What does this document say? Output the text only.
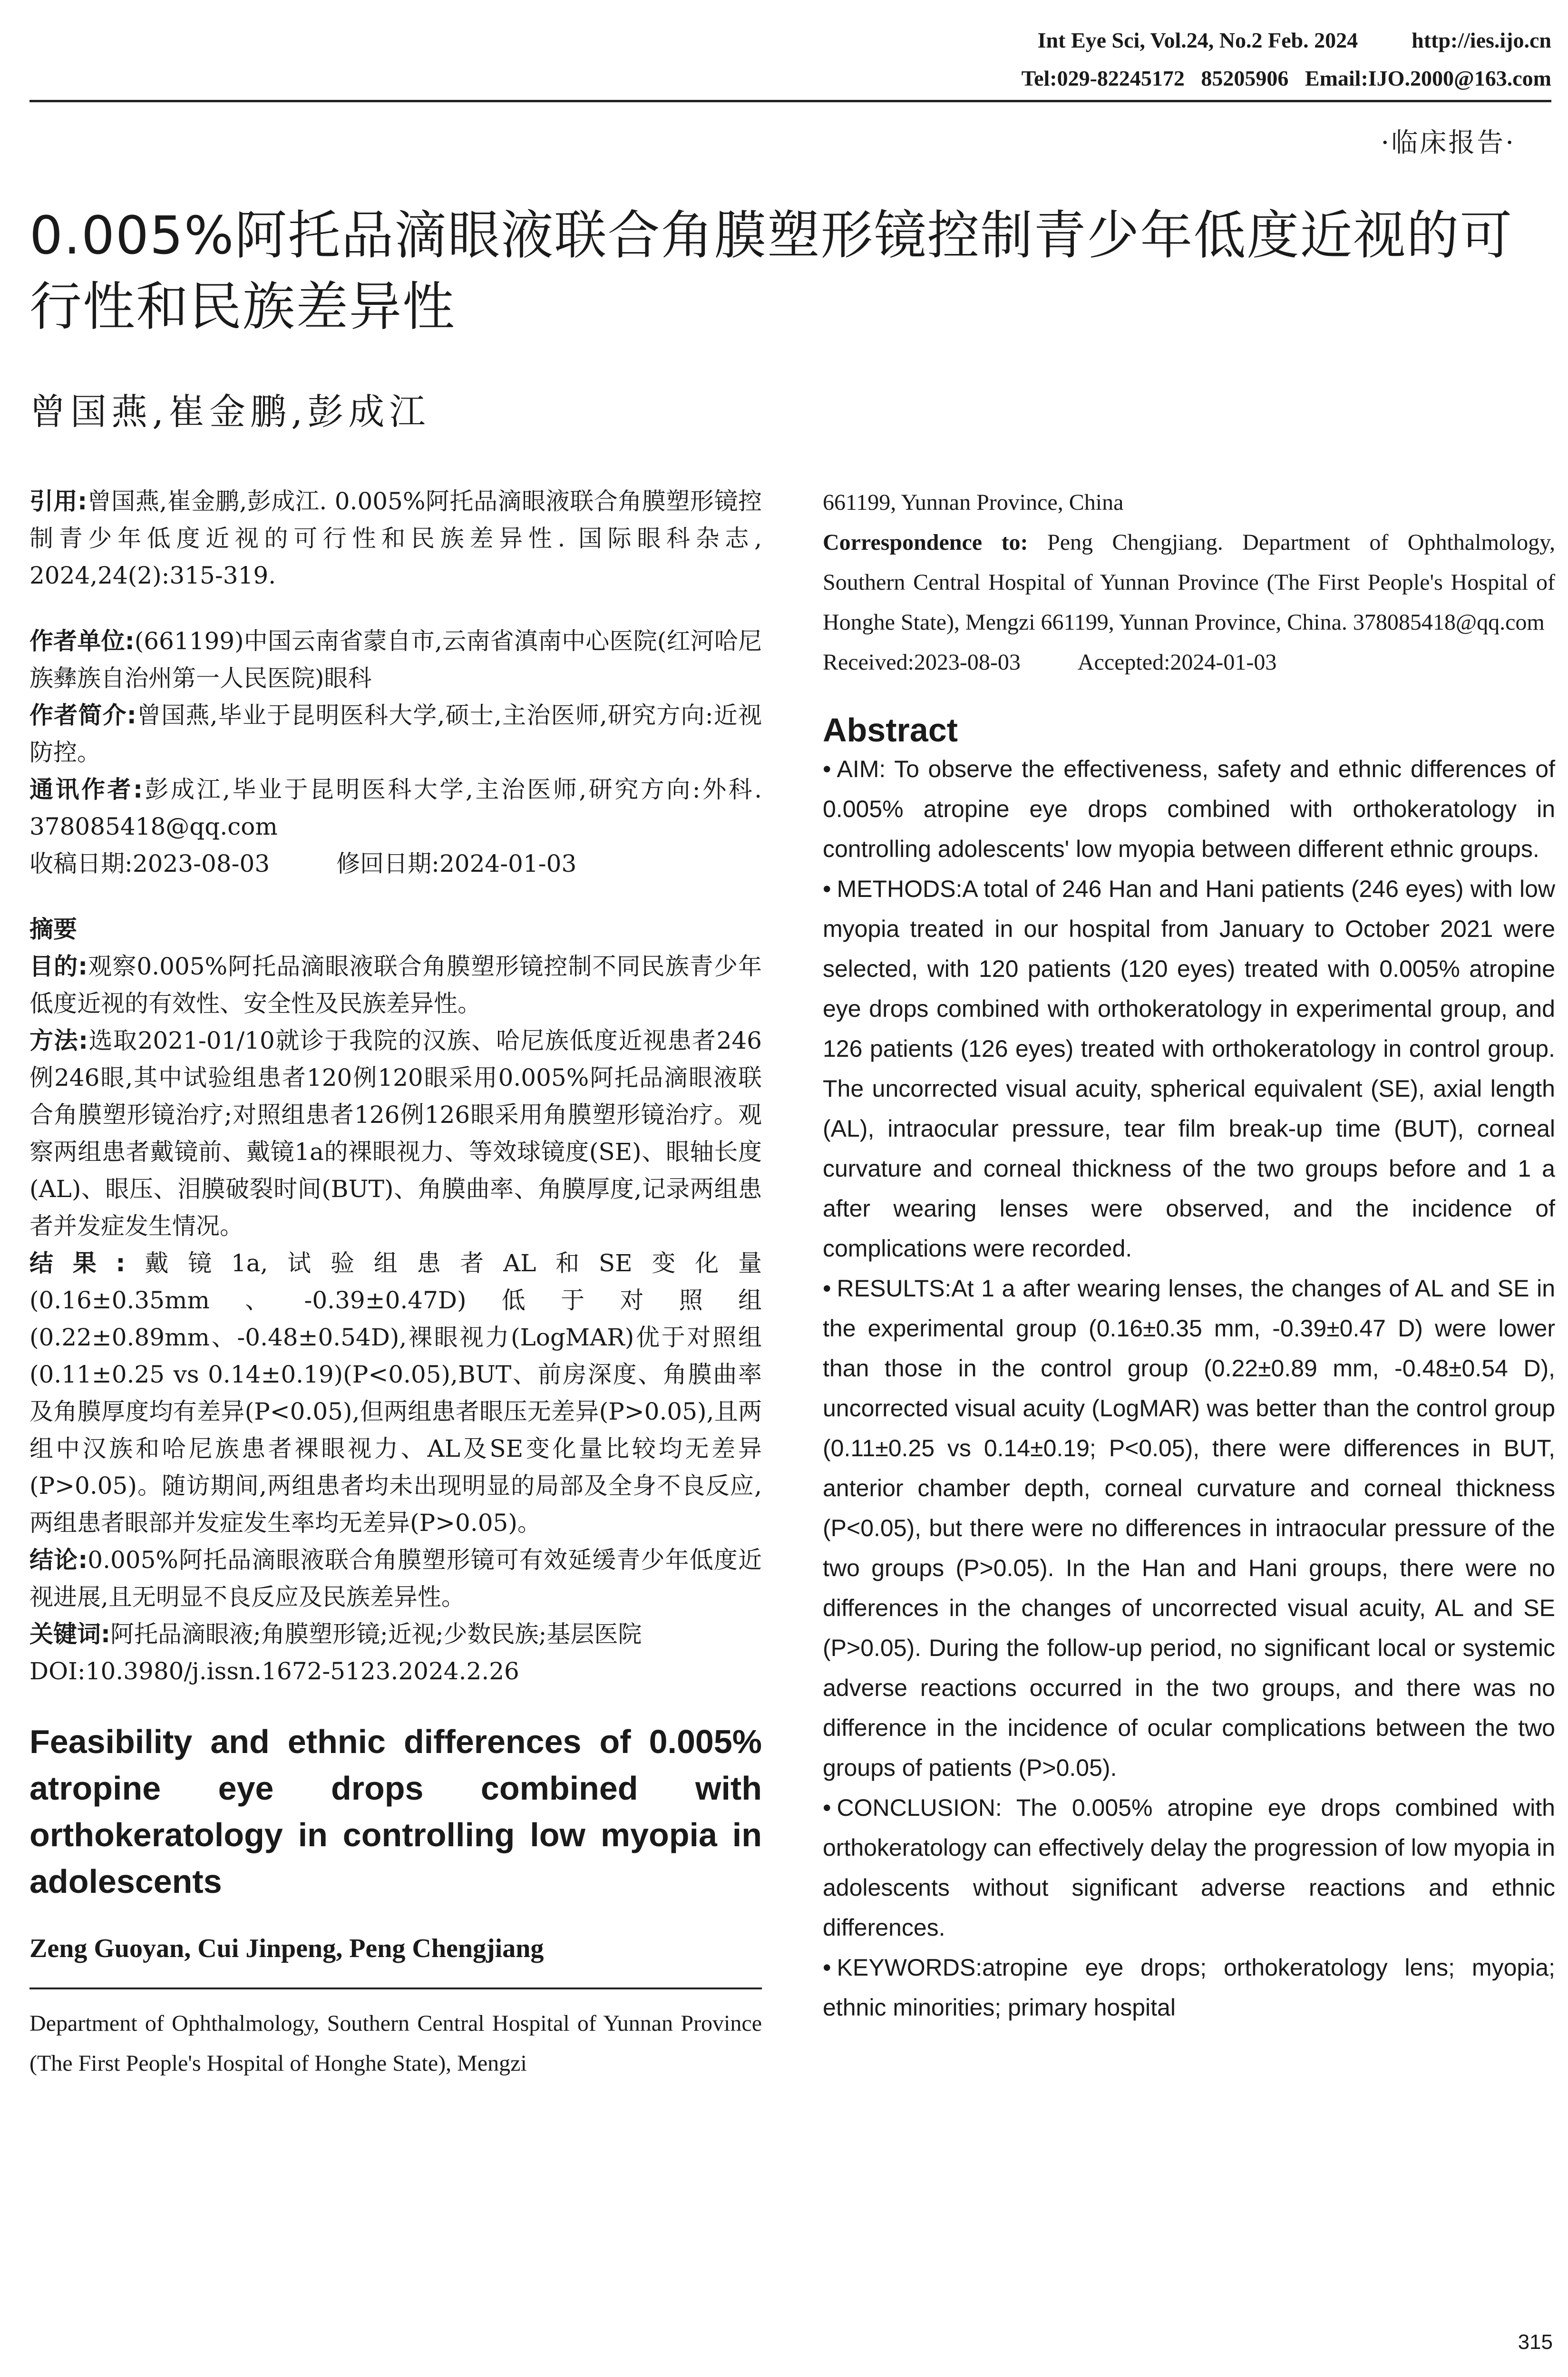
Int Eye Sci, Vol.24, No.2 Feb. 2024 http://ies.ijo.cn
Tel:029-82245172   85205906   Email:IJO.2000@163.com
·临床报告·
0.005%阿托品滴眼液联合角膜塑形镜控制青少年低度近视的可行性和民族差异性
曾国燕,崔金鹏,彭成江

引用:曾国燕,崔金鹏,彭成江. 0.005%阿托品滴眼液联合角膜塑形镜控制青少年低度近视的可行性和民族差异性. 国际眼科杂志, 2024,24(2):315-319.

作者单位:(661199)中国云南省蒙自市,云南省滇南中心医院(红河哈尼族彝族自治州第一人民医院)眼科

作者简介:曾国燕,毕业于昆明医科大学,硕士,主治医师,研究方向:近视防控。

通讯作者:彭成江,毕业于昆明医科大学,主治医师,研究方向:外科. 378085418@qq.com

收稿日期:2023-08-03	修回日期:2024-01-03

摘要

目的:观察0.005%阿托品滴眼液联合角膜塑形镜控制不同民族青少年低度近视的有效性、安全性及民族差异性。

方法:选取2021-01/10就诊于我院的汉族、哈尼族低度近视患者246例246眼,其中试验组患者120例120眼采用0.005%阿托品滴眼液联合角膜塑形镜治疗;对照组患者126例126眼采用角膜塑形镜治疗。观察两组患者戴镜前、戴镜1a的裸眼视力、等效球镜度(SE)、眼轴长度(AL)、眼压、泪膜破裂时间(BUT)、角膜曲率、角膜厚度,记录两组患者并发症发生情况。

结果:戴镜1a,试验组患者AL和SE变化量(0.16±0.35mm、-0.39±0.47D)低于对照组(0.22±0.89mm、-0.48±0.54D),裸眼视力(LogMAR)优于对照组(0.11±0.25 vs 0.14±0.19)(P<0.05),BUT、前房深度、角膜曲率及角膜厚度均有差异(P<0.05),但两组患者眼压无差异(P>0.05),且两组中汉族和哈尼族患者裸眼视力、AL及SE变化量比较均无差异(P>0.05)。随访期间,两组患者均未出现明显的局部及全身不良反应,两组患者眼部并发症发生率均无差异(P>0.05)。

结论:0.005%阿托品滴眼液联合角膜塑形镜可有效延缓青少年低度近视进展,且无明显不良反应及民族差异性。

关键词:阿托品滴眼液;角膜塑形镜;近视;少数民族;基层医院

DOI:10.3980/j.issn.1672-5123.2024.2.26

Feasibility and ethnic differences of 0.005% atropine eye drops combined with orthokeratology in controlling low myopia in adolescents

Zeng Guoyan, Cui Jinpeng, Peng Chengjiang

Department of Ophthalmology, Southern Central Hospital of Yunnan Province (The First People's Hospital of Honghe State), Mengzi

661199, Yunnan Province, China

Correspondence to: Peng Chengjiang. Department of Ophthalmology, Southern Central Hospital of Yunnan Province (The First People's Hospital of Honghe State), Mengzi 661199, Yunnan Province, China. 378085418@qq.com

Received:2023-08-03	Accepted:2024-01-03

Abstract

• AIM: To observe the effectiveness, safety and ethnic differences of 0.005% atropine eye drops combined with orthokeratology in controlling adolescents' low myopia between different ethnic groups.

• METHODS:A total of 246 Han and Hani patients (246 eyes) with low myopia treated in our hospital from January to October 2021 were selected, with 120 patients (120 eyes) treated with 0.005% atropine eye drops combined with orthokeratology in experimental group, and 126 patients (126 eyes) treated with orthokeratology in control group. The uncorrected visual acuity, spherical equivalent (SE), axial length (AL), intraocular pressure, tear film break-up time (BUT), corneal curvature and corneal thickness of the two groups before and 1 a after wearing lenses were observed, and the incidence of complications were recorded.

• RESULTS:At 1 a after wearing lenses, the changes of AL and SE in the experimental group (0.16±0.35 mm, -0.39±0.47 D) were lower than those in the control group (0.22±0.89 mm, -0.48±0.54 D), uncorrected visual acuity (LogMAR) was better than the control group (0.11±0.25 vs 0.14±0.19; P<0.05), there were differences in BUT, anterior chamber depth, corneal curvature and corneal thickness (P<0.05), but there were no differences in intraocular pressure of the two groups (P>0.05). In the Han and Hani groups, there were no differences in the changes of uncorrected visual acuity, AL and SE (P>0.05). During the follow-up period, no significant local or systemic adverse reactions occurred in the two groups, and there was no difference in the incidence of ocular complications between the two groups of patients (P>0.05).

• CONCLUSION: The 0.005% atropine eye drops combined with orthokeratology can effectively delay the progression of low myopia in adolescents without significant adverse reactions and ethnic differences.

• KEYWORDS:atropine eye drops; orthokeratology lens; myopia; ethnic minorities; primary hospital

315
